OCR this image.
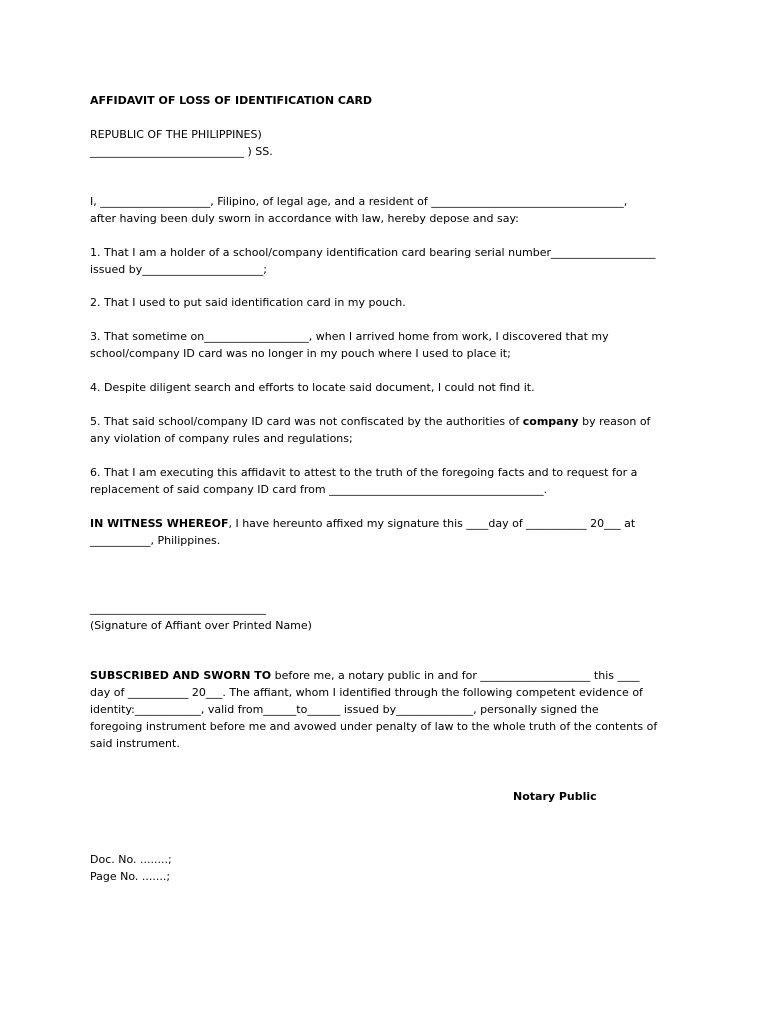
AFFIDAVIT OF LOSS OF IDENTIFICATION CARD
REPUBLIC OF THE PHILIPPINES)
____________________________ ) SS.
I, ____________________, Filipino, of legal age, and a resident of ___________________________________,
after having been duly sworn in accordance with law, hereby depose and say:
1. That I am a holder of a school/company identification card bearing serial number___________________
issued by______________________;
2. That I used to put said identification card in my pouch.
3. That sometime on___________________, when I arrived home from work, I discovered that my
school/company ID card was no longer in my pouch where I used to place it;
4. Despite diligent search and efforts to locate said document, I could not find it.
5. That said school/company ID card was not confiscated by the authorities of company by reason of
any violation of company rules and regulations;
6. That I am executing this affidavit to attest to the truth of the foregoing facts and to request for a
replacement of said company ID card from _______________________________________.
IN WITNESS WHEREOF, I have hereunto affixed my signature this ____day of ___________ 20___ at
___________, Philippines.
________________________________
(Signature of Affiant over Printed Name)
SUBSCRIBED AND SWORN TO before me, a notary public in and for ____________________ this ____
day of ___________ 20___. The affiant, whom I identified through the following competent evidence of
identity:____________, valid from______to______ issued by______________, personally signed the
foregoing instrument before me and avowed under penalty of law to the whole truth of the contents of
said instrument.
Notary Public
Doc. No. ........;
Page No. .......;
